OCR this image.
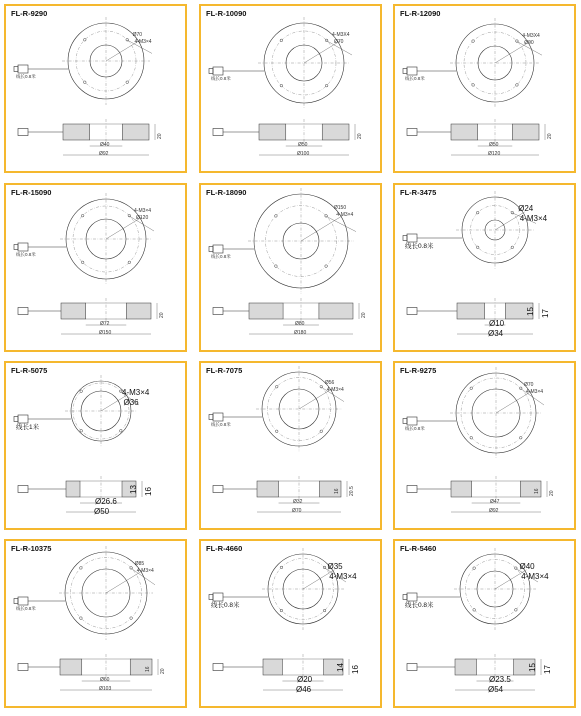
FL-R-9290
Ø70
4-M3×4
线长0.8米
Ø40
Ø92
20
FL-R-10090
4-M3X4
Ø70
线长0.8米
Ø50
Ø100
20
FL-R-12090
4-M3X4
Ø90
线长0.8米
Ø50
Ø120
20
FL-R-15090
4-M3×4
Ø120
线长0.8米
Ø72
Ø150
20
FL-R-18090
Ø150
4-M3×4
线长0.8米
Ø80
Ø180
20
FL-R-3475
Ø24
4-M3×4
线长0.8米
Ø10
Ø34
17
15
FL-R-5075
4-M3×4
Ø36
线长1米
Ø26.6
Ø50
16
13
FL-R-7075
Ø56
4-M3×4
线长0.8米
Ø32
Ø70
20.5
16
FL-R-9275
Ø70
4-M3×4
线长0.8米
Ø47
Ø92
20
16
FL-R-10375
Ø85
4-M3×4
线长0.8米
Ø60
Ø103
20
16
FL-R-4660
Ø35
4-M3×4
线长0.8米
Ø20
Ø46
16
14
FL-R-5460
Ø40
4-M3×4
线长0.8米
Ø23.5
Ø54
17
15
